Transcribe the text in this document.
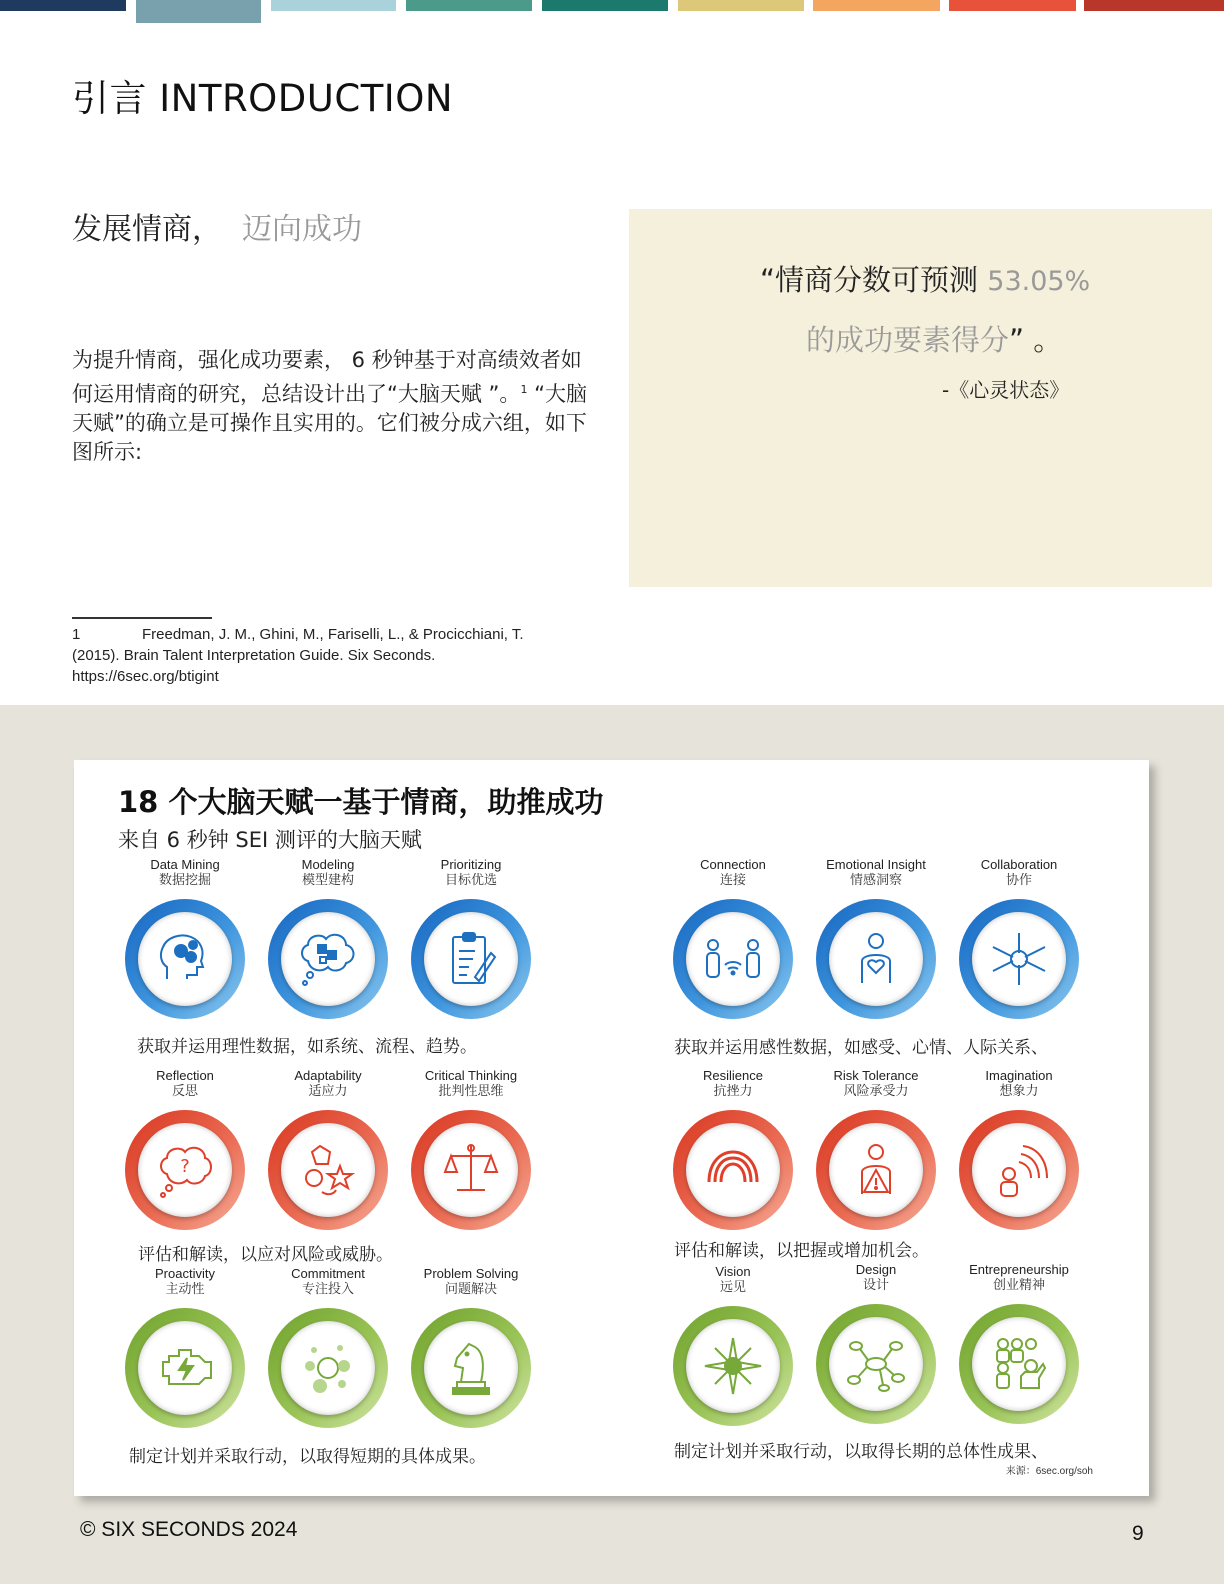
引言 INTRODUCTION
发展情商， 迈向成功

为提升情商，强化成功要素， 6 秒钟基于对高绩效者如何运用情商的研究，总结设计出了“大脑天赋 ”。$^1$ “大脑天赋”的确立是可操作且实用的。它们被分成六组，如下图所示:

“情商分数可预测 53.05%
的成功要素得分” 。
-《心灵状态》
1	Freedman, J. M., Ghini, M., Fariselli, L., & Procicchiani, T. (2015). Brain Talent Interpretation Guide. Six Seconds. https://6sec.org/btigint
18 个大脑天赋一基于情商，助推成功
来自 6 秒钟 SEI 测评的大脑天赋
Data Mining
数据挖掘
Modeling
模型建构
Prioritizing
目标优选
Connection
连接
Emotional Insight
情感洞察
Collaboration
协作
Reflection
反思
?
Adaptability
适应力
Critical Thinking
批判性思维
Resilience
抗挫力
Risk Tolerance
风险承受力
Imagination
想象力
Proactivity
主动性
Commitment
专注投入
Problem Solving
问题解决
Vision
远见
Design
设计
Entrepreneurship
创业精神
获取并运用理性数据，如系统、流程、趋势。	获取并运用感性数据，如感受、心情、人际关系、
评估和解读，以应对风险或威胁。	评估和解读，以把握或增加机会。
制定计划并采取行动，以取得短期的具体成果。	制定计划并采取行动，以取得长期的总体性成果、
来源：6sec.org/soh
© SIX SECONDS 2024	9
